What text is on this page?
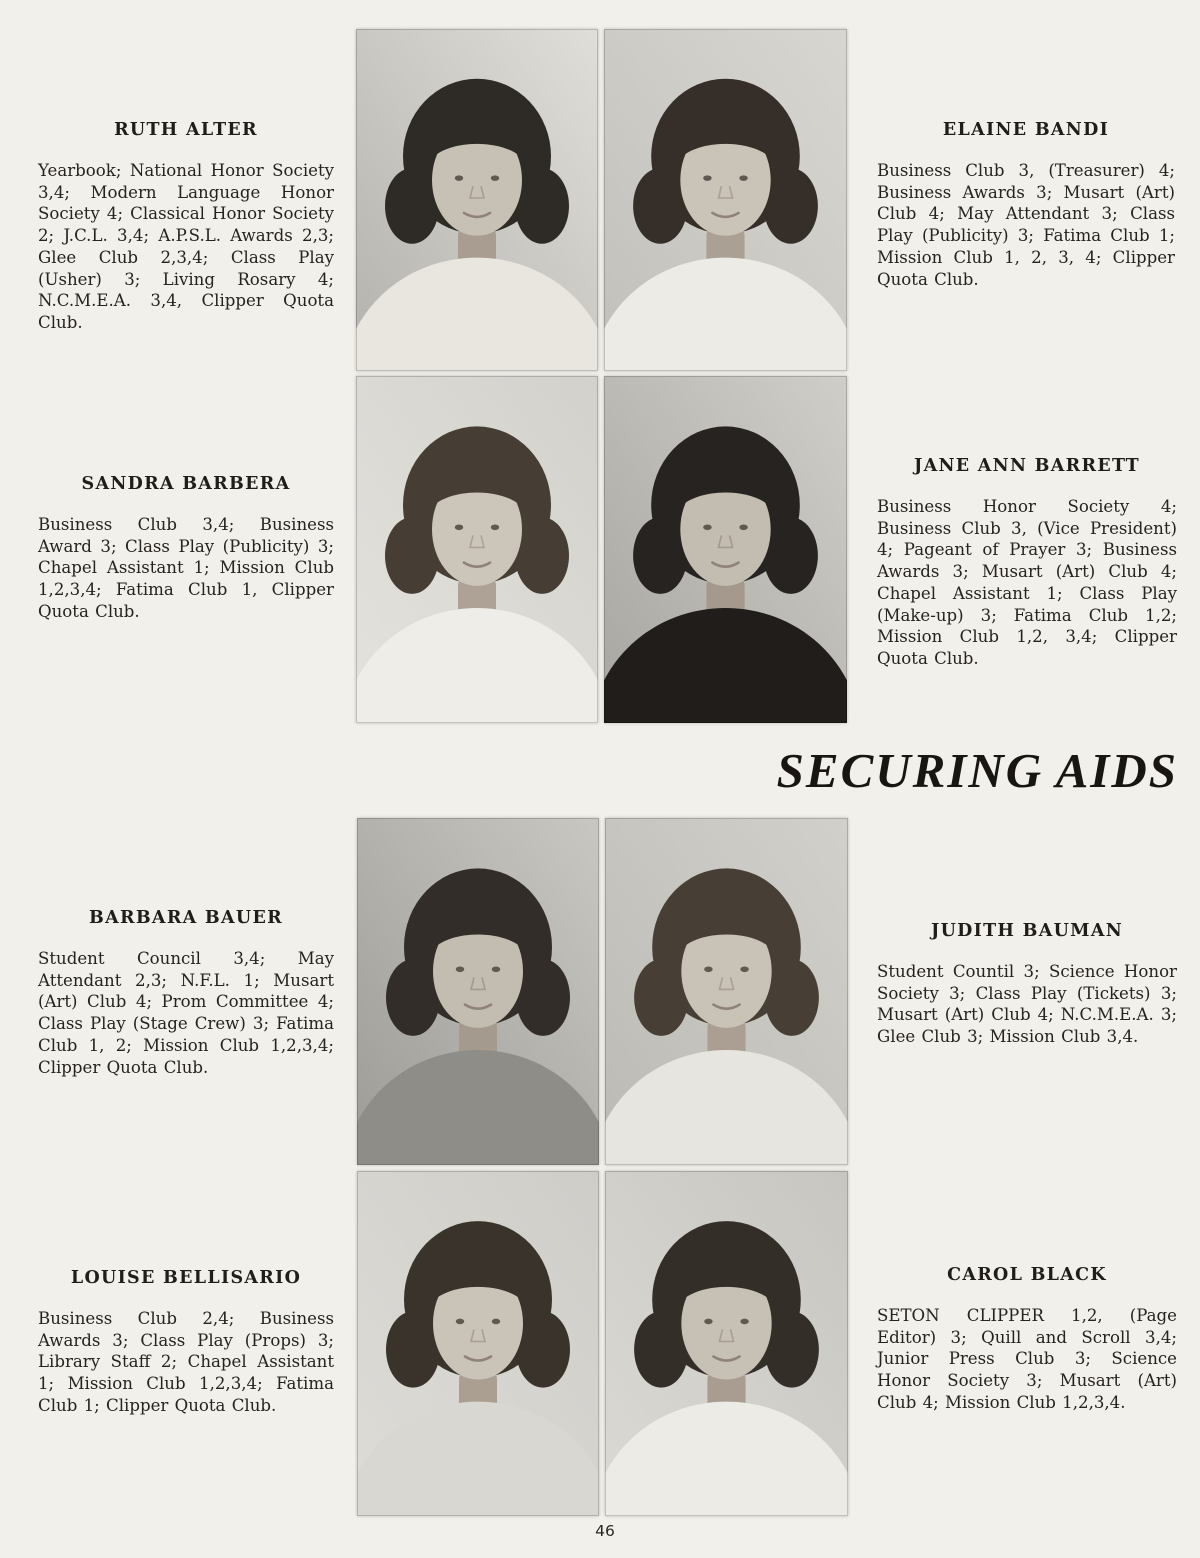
RUTH ALTER

Yearbook; National Honor Society 3,4; Modern Language Honor Society 4; Classical Honor Society 2; J.C.L. 3,4; A.P.S.L. Awards 2,3; Glee Club 2,3,4; Class Play (Usher) 3; Living Rosary 4; N.C.M.E.A. 3,4, Clipper Quota Club.

ELAINE BANDI

Business Club 3, (Treasurer) 4; Business Awards 3; Musart (Art) Club 4; May Attendant 3; Class Play (Publicity) 3; Fatima Club 1; Mission Club 1, 2, 3, 4; Clipper Quota Club.

SANDRA BARBERA

Business Club 3,4; Business Award 3; Class Play (Publicity) 3; Chapel Assistant 1; Mission Club 1,2,3,4; Fatima Club 1, Clipper Quota Club.

JANE ANN BARRETT

Business Honor Society 4; Business Club 3, (Vice President) 4; Pageant of Prayer 3; Business Awards 3; Musart (Art) Club 4; Chapel Assistant 1; Class Play (Make-up) 3; Fatima Club 1,2; Mission Club 1,2, 3,4; Clipper Quota Club.

BARBARA BAUER

Student Council 3,4; May Attendant 2,3; N.F.L. 1; Musart (Art) Club 4; Prom Committee 4; Class Play (Stage Crew) 3; Fatima Club 1, 2; Mission Club 1,2,3,4; Clipper Quota Club.

JUDITH BAUMAN

Student Countil 3; Science Honor Society 3; Class Play (Tickets) 3; Musart (Art) Club 4; N.C.M.E.A. 3; Glee Club 3; Mission Club 3,4.

LOUISE BELLISARIO

Business Club 2,4; Business Awards 3; Class Play (Props) 3; Library Staff 2; Chapel Assistant 1; Mission Club 1,2,3,4; Fatima Club 1; Clipper Quota Club.

CAROL BLACK

SETON CLIPPER 1,2, (Page Editor) 3; Quill and Scroll 3,4; Junior Press Club 3; Science Honor Society 3; Musart (Art) Club 4; Mission Club 1,2,3,4.

SECURING AIDS
46
